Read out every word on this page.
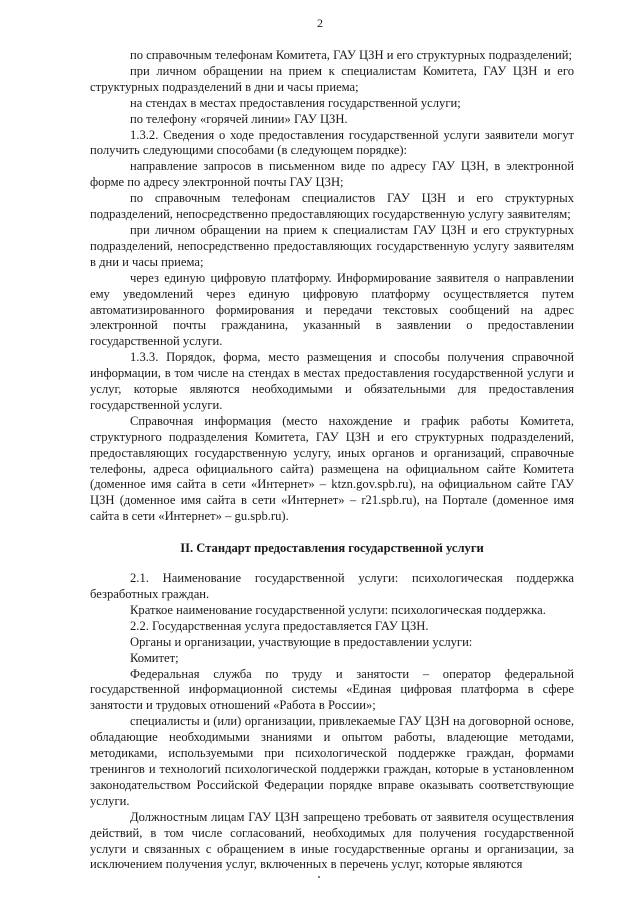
2

по справочным телефонам Комитета, ГАУ ЦЗН и его структурных подразделений;

при личном обращении на прием к специалистам Комитета, ГАУ ЦЗН и его структурных подразделений в дни и часы приема;

на стендах в местах предоставления государственной услуги;

по телефону «горячей линии» ГАУ ЦЗН.

1.3.2. Сведения о ходе предоставления государственной услуги заявители могут получить следующими способами (в следующем порядке):

направление запросов в письменном виде по адресу ГАУ ЦЗН, в электронной форме по адресу электронной почты ГАУ ЦЗН;

по справочным телефонам специалистов ГАУ ЦЗН и его структурных подразделений, непосредственно предоставляющих государственную услугу заявителям;

при личном обращении на прием к специалистам ГАУ ЦЗН и его структурных подразделений, непосредственно предоставляющих государственную услугу заявителям в дни и часы приема;

через единую цифровую платформу. Информирование заявителя о направлении ему уведомлений через единую цифровую платформу осуществляется путем автоматизированного формирования и передачи текстовых сообщений на адрес электронной почты гражданина, указанный в заявлении о предоставлении государственной услуги.

1.3.3. Порядок, форма, место размещения и способы получения справочной информации, в том числе на стендах в местах предоставления государственной услуги и услуг, которые являются необходимыми и обязательными для предоставления государственной услуги.

Справочная информация (место нахождение и график работы Комитета, структурного подразделения Комитета, ГАУ ЦЗН и его структурных подразделений, предоставляющих государственную услугу, иных органов и организаций, справочные телефоны, адреса официального сайта) размещена на официальном сайте Комитета (доменное имя сайта в сети «Интернет» – ktzn.gov.spb.ru), на официальном сайте ГАУ ЦЗН (доменное имя сайта в сети «Интернет» – r21.spb.ru), на Портале (доменное имя сайта в сети «Интернет» – gu.spb.ru).

II. Стандарт предоставления государственной услуги

2.1. Наименование государственной услуги: психологическая поддержка безработных граждан.

Краткое наименование государственной услуги: психологическая поддержка.

2.2. Государственная услуга предоставляется ГАУ ЦЗН.

Органы и организации, участвующие в предоставлении услуги:

Комитет;

Федеральная служба по труду и занятости – оператор федеральной государственной информационной системы «Единая цифровая платформа в сфере занятости и трудовых отношений «Работа в России»;

специалисты и (или) организации, привлекаемые ГАУ ЦЗН на договорной основе, обладающие необходимыми знаниями и опытом работы, владеющие методами, методиками, используемыми при психологической поддержке граждан, формами тренингов и технологий психологической поддержки граждан, которые в установленном законодательством Российской Федерации порядке вправе оказывать соответствующие услуги.

Должностным лицам ГАУ ЦЗН запрещено требовать от заявителя осуществления действий, в том числе согласований, необходимых для получения государственной услуги и связанных с обращением в иные государственные органы и организации, за исключением получения услуг, включенных в перечень услуг, которые являются
